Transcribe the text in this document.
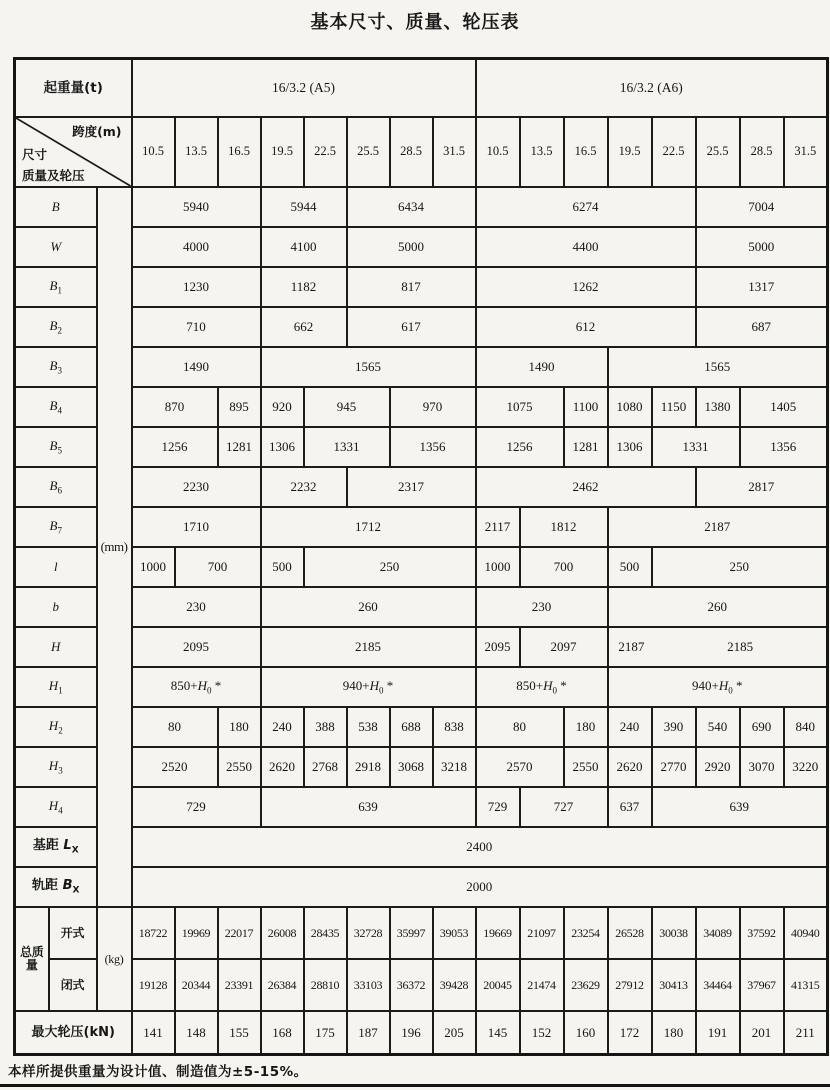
基本尺寸、质量、轮压表
起重量(t)			16/3.2 (A5)								16/3.2 (A6)							

跨度(m)
尺寸
质量及轮压			10.5	13.5	16.5	19.5	22.5	25.5	28.5	31.5	10.5	13.5	16.5	19.5	22.5	25.5	28.5	31.5
B		(mm)	5940			5944		6434			6274					7004		
W			4000			4100		5000			4400					5000		
$B_1$			1230			1182		817			1262					1317		
$B_2$			710			662		617			612					687		
$B_3$			1490			1565					1490			1565				
$B_4$			870		895	920	945		970		1075		1100	1080	1150	1380	1405	
$B_5$			1256		1281	1306	1331		1356		1256		1281	1306	1331		1356	
$B_6$			2230			2232		2317			2462					2817		
$B_7$			1710			1712					2117	1812		2187				
l			1000	700		500	250				1000	700		500	250			
b			230			260					230			260				
H			2095			2185					2095	2097		2187 2185				

$H_1$			$850+H_0$ *			$940+H_0$ *					$850+H_0$ *			$940+H_0$ *				
$H_2$			80		180	240	388	538	688	838	80		180	240	390	540	690	840
$H_3$			2520		2550	2620	2768	2918	3068	3218	2570		2550	2620	2770	2920	3070	3220
$H_4$			729			639					729	727		637	639			
基距 $L_X$			2400															
轨距 $B_X$			2000															
总质量	开式	(kg)	18722	19969	22017	26008	28435	32728	35997	39053	19669	21097	23254	26528	30038	34089	37592	40940
	闭式		19128	20344	23391	26384	28810	33103	36372	39428	20045	21474	23629	27912	30413	34464	37967	41315
最大轮压(kN)			141	148	155	168	175	187	196	205	145	152	160	172	180	191	201	211
本样所提供重量为设计值、制造值为±5-15%。
